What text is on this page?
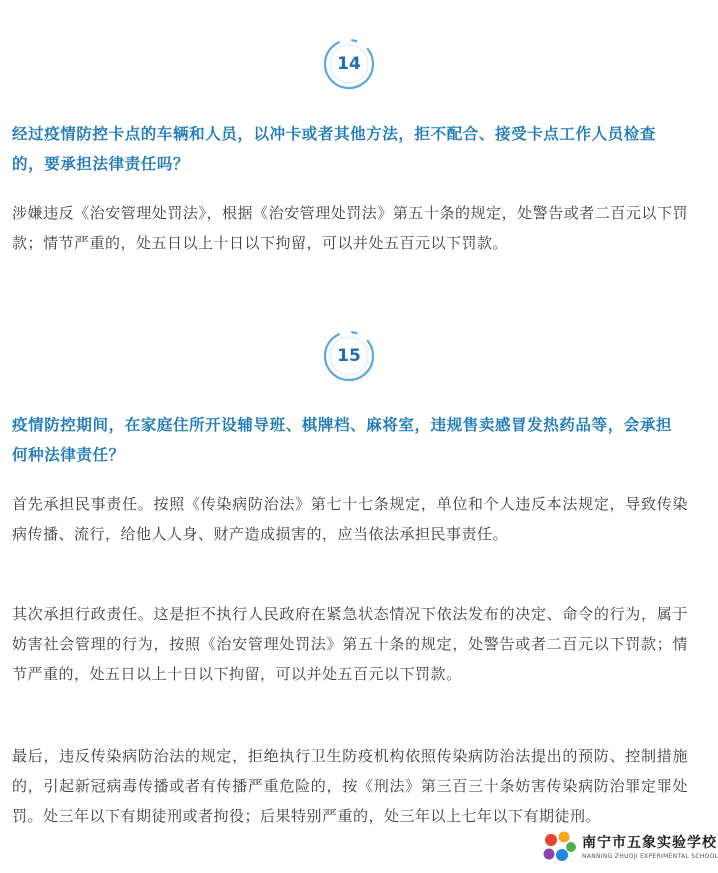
14
经过疫情防控卡点的车辆和人员，以冲卡或者其他方法，拒不配合、接受卡点工作人员检查的，要承担法律责任吗？
涉嫌违反《治安管理处罚法》，根据《治安管理处罚法》第五十条的规定，处警告或者二百元以下罚款；情节严重的，处五日以上十日以下拘留，可以并处五百元以下罚款。
15
疫情防控期间，在家庭住所开设辅导班、棋牌档、麻将室，违规售卖感冒发热药品等，会承担何种法律责任？
首先承担民事责任。按照《传染病防治法》第七十七条规定，单位和个人违反本法规定，导致传染病传播、流行，给他人人身、财产造成损害的，应当依法承担民事责任。
其次承担行政责任。这是拒不执行人民政府在紧急状态情况下依法发布的决定、命令的行为，属于妨害社会管理的行为，按照《治安管理处罚法》第五十条的规定，处警告或者二百元以下罚款；情节严重的，处五日以上十日以下拘留，可以并处五百元以下罚款。
最后，违反传染病防治法的规定，拒绝执行卫生防疫机构依照传染病防治法提出的预防、控制措施的，引起新冠病毒传播或者有传播严重危险的，按《刑法》第三百三十条妨害传染病防治罪定罪处罚。处三年以下有期徒刑或者拘役；后果特别严重的，处三年以上七年以下有期徒刑。
南宁市五象实验学校
NANNING ZHUOJI EXPERIMENTAL SCHOOL
